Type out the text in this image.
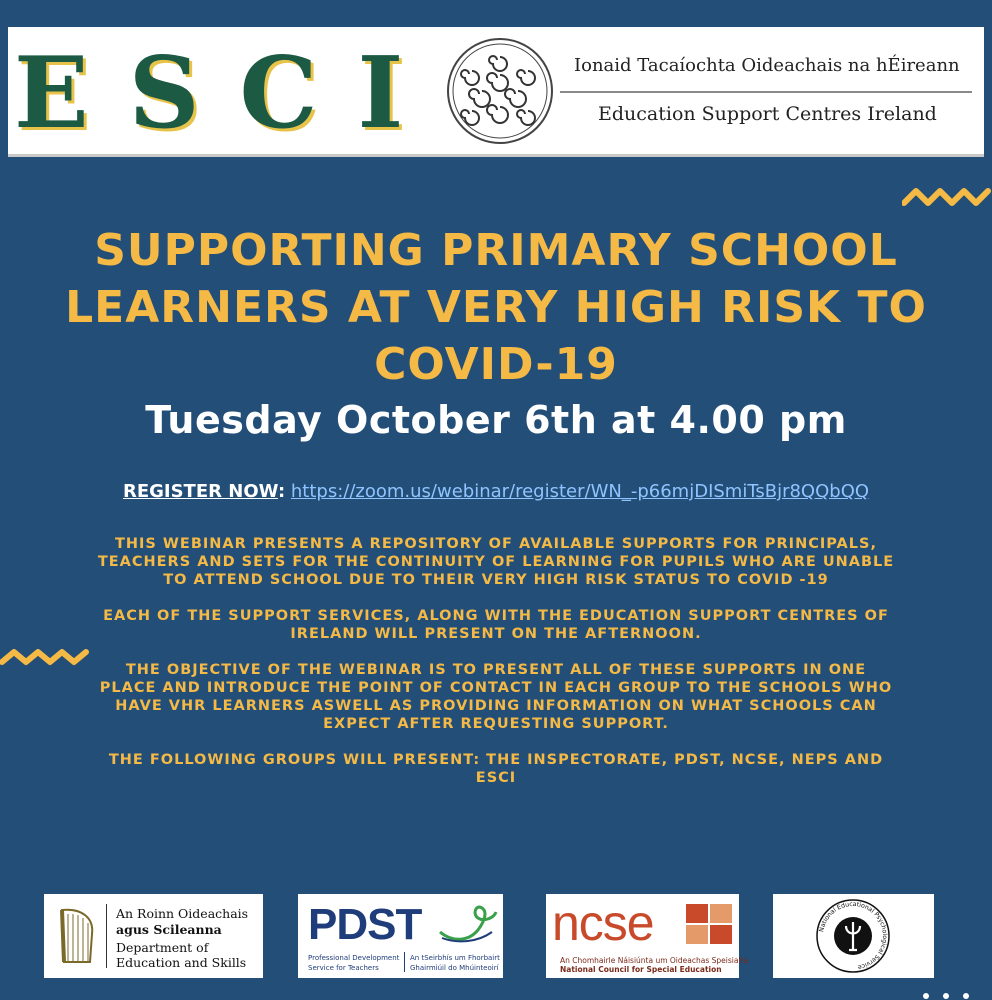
ESCI	Ionaid Tacaíochta Oideachais na hÉireann
Education Support Centres Ireland
SUPPORTING PRIMARY SCHOOL LEARNERS AT VERY HIGH RISK TO COVID-19
Tuesday October 6th at 4.00 pm
REGISTER NOW: https://zoom.us/webinar/register/WN_-p66mjDISmiTsBjr8QQbQQ

THIS WEBINAR PRESENTS A REPOSITORY OF AVAILABLE SUPPORTS FOR PRINCIPALS, TEACHERS AND SETS FOR THE CONTINUITY OF LEARNING FOR PUPILS WHO ARE UNABLE TO ATTEND SCHOOL DUE TO THEIR VERY HIGH RISK STATUS TO COVID -19

EACH OF THE SUPPORT SERVICES, ALONG WITH THE EDUCATION SUPPORT CENTRES OF IRELAND WILL PRESENT ON THE AFTERNOON.

THE OBJECTIVE OF THE WEBINAR IS TO PRESENT ALL OF THESE SUPPORTS IN ONE PLACE AND INTRODUCE THE POINT OF CONTACT IN EACH GROUP TO THE SCHOOLS WHO HAVE VHR LEARNERS ASWELL AS PROVIDING INFORMATION ON WHAT SCHOOLS CAN EXPECT AFTER REQUESTING SUPPORT.

THE FOLLOWING GROUPS WILL PRESENT: THE INSPECTORATE, PDST, NCSE, NEPS AND ESCI

An Roinn Oideachais
agus Scileanna
Department of
Education and Skills
PDST
Professional Development
Service for Teachers
An tSeirbhís um Fhorbairt
Ghairmiúil do Mhúinteoirí
ncse
An Chomhairle Náisiúnta um Oideachas Speisialta
National Council for Special Education
National Educational Psychological Service
